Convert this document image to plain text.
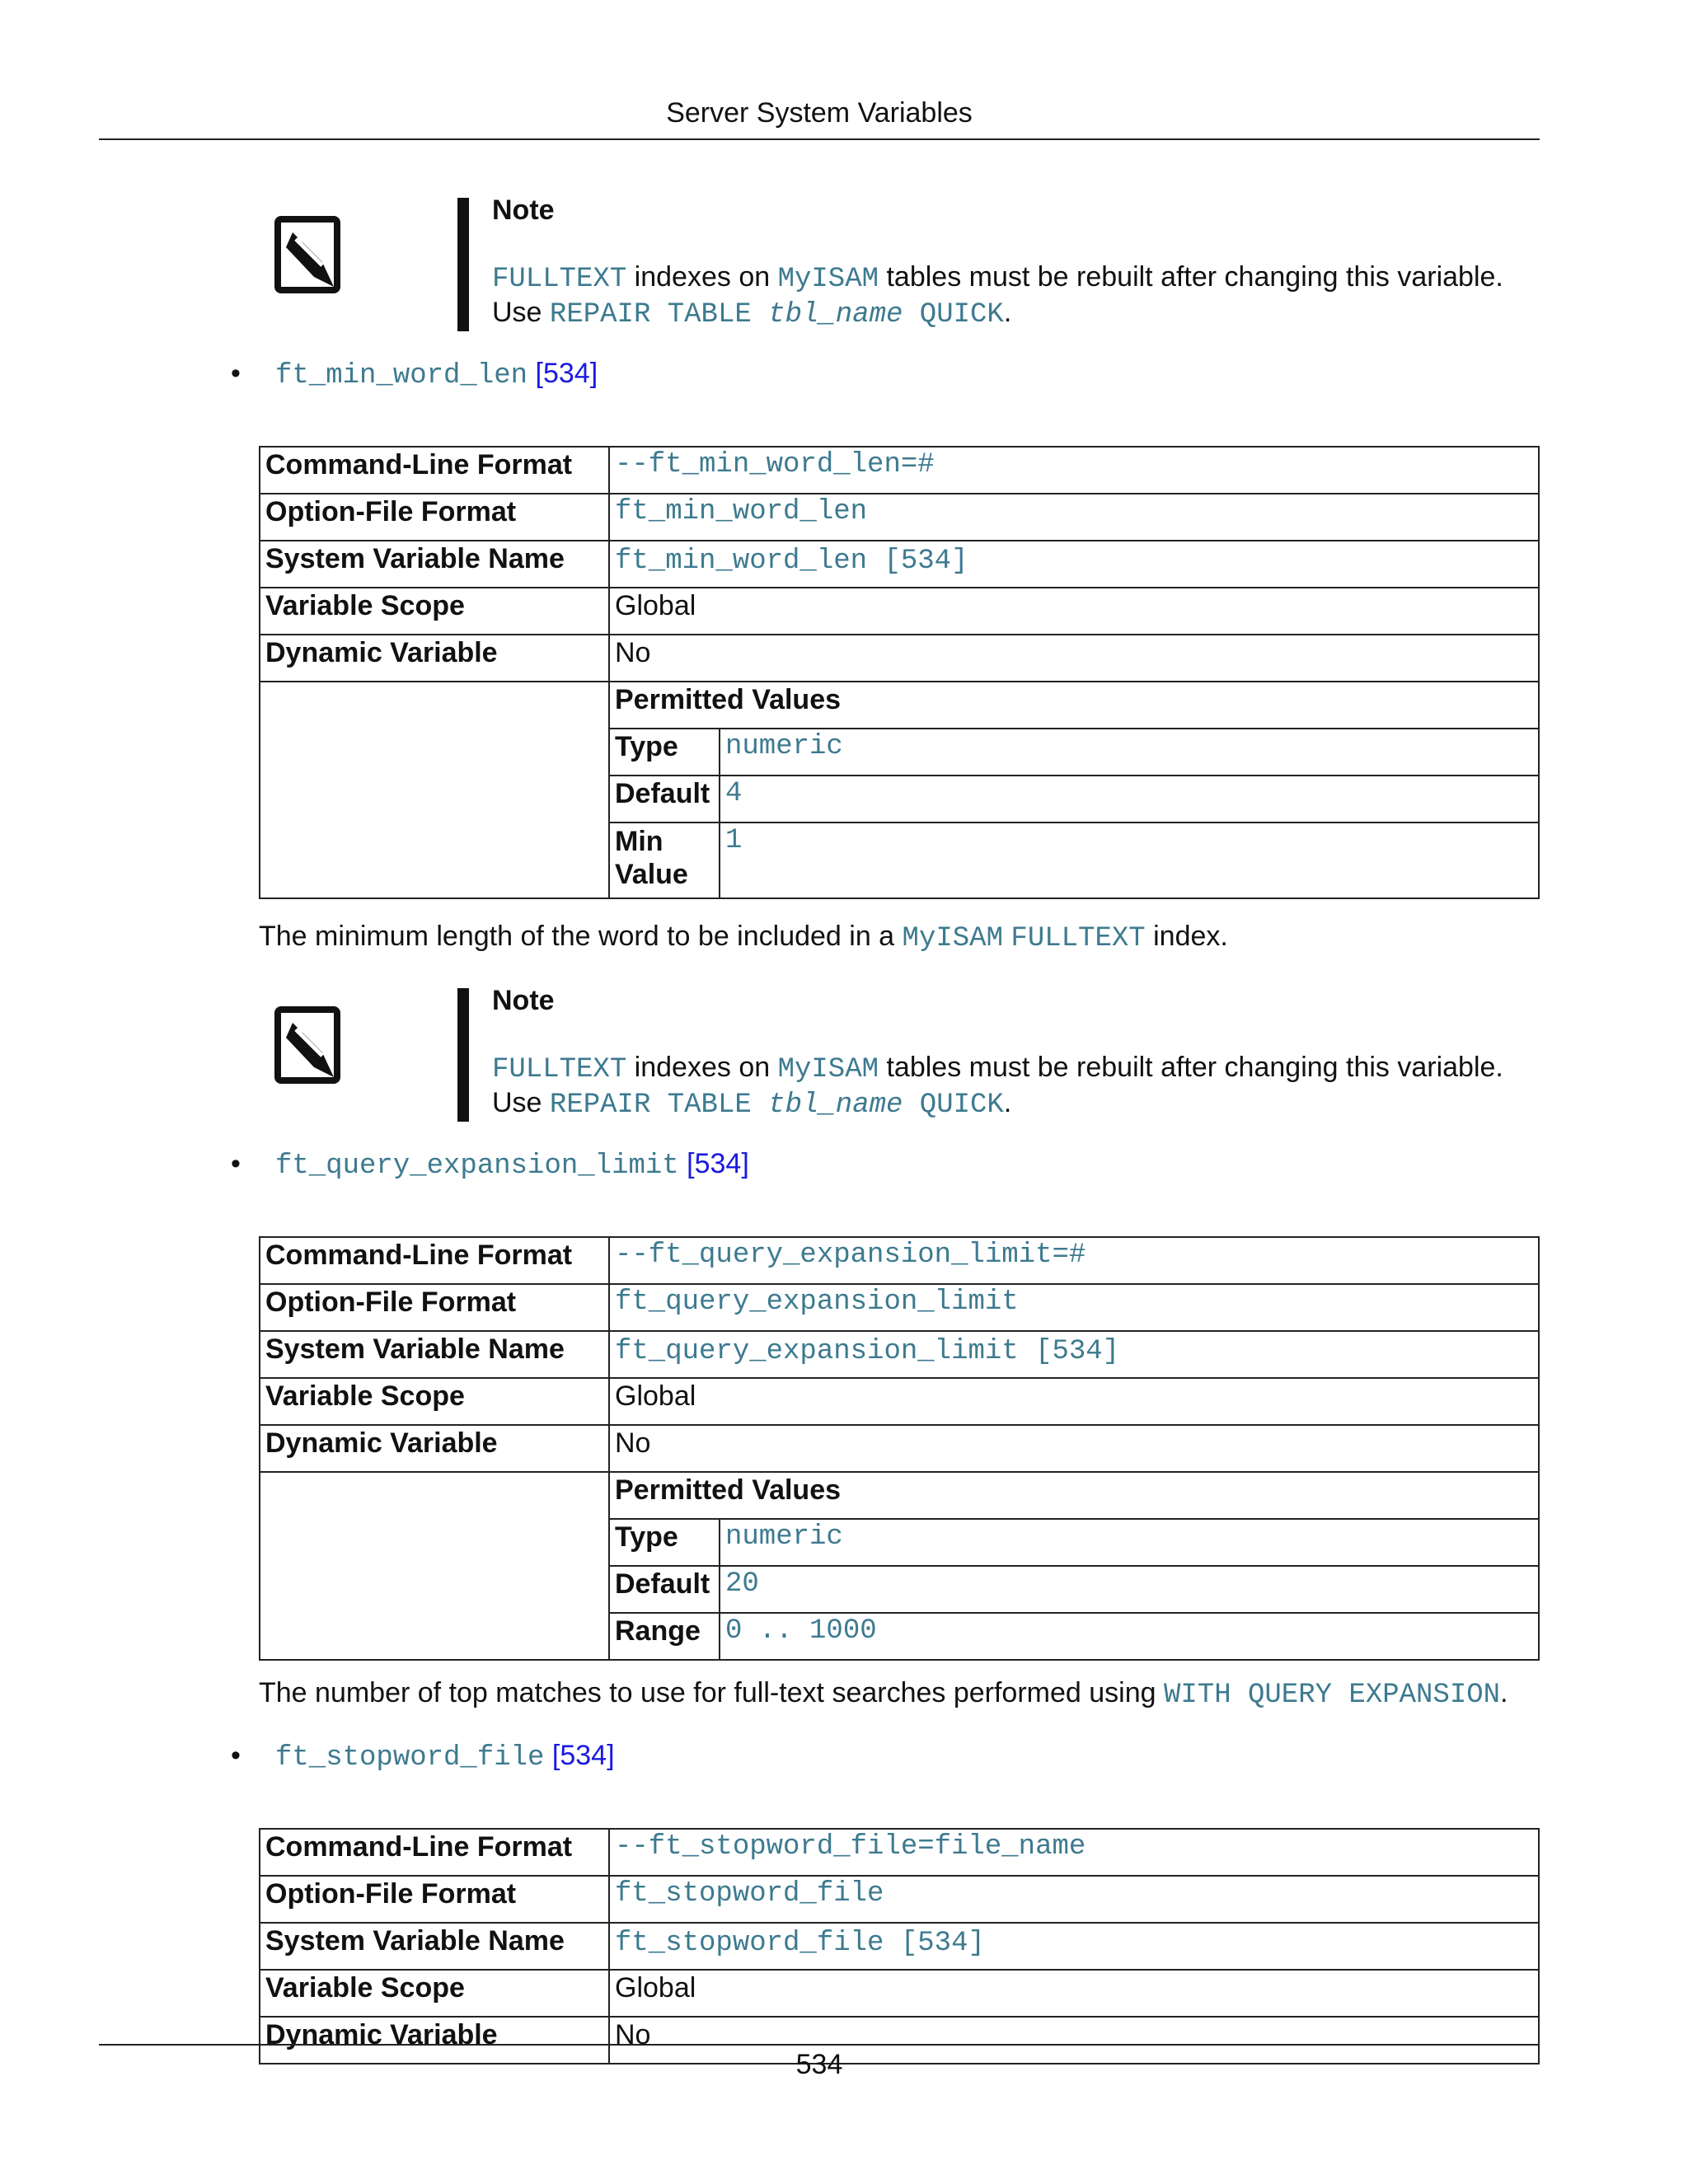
Server System Variables
Note
FULLTEXT indexes on MyISAM tables must be rebuilt after changing this variable.
Use REPAIR TABLE tbl_name QUICK.
• ft_min_word_len [534]
Command-Line Format	--ft_min_word_len=#
Option-File Format	ft_min_word_len
System Variable Name	ft_min_word_len [534]
Variable Scope	Global
Dynamic Variable	No

Permitted Values
Type	numeric
Default	4
Min Value	1
The minimum length of the word to be included in a MyISAM FULLTEXT index.
Note
FULLTEXT indexes on MyISAM tables must be rebuilt after changing this variable.
Use REPAIR TABLE tbl_name QUICK.
• ft_query_expansion_limit [534]
Command-Line Format	--ft_query_expansion_limit=#
Option-File Format	ft_query_expansion_limit
System Variable Name	ft_query_expansion_limit [534]
Variable Scope	Global
Dynamic Variable	No

Permitted Values
Type	numeric
Default	20
Range	0 .. 1000
The number of top matches to use for full-text searches performed using WITH QUERY EXPANSION.
• ft_stopword_file [534]
Command-Line Format	--ft_stopword_file=file_name
Option-File Format	ft_stopword_file
System Variable Name	ft_stopword_file [534]
Variable Scope	Global
Dynamic Variable	No
534
